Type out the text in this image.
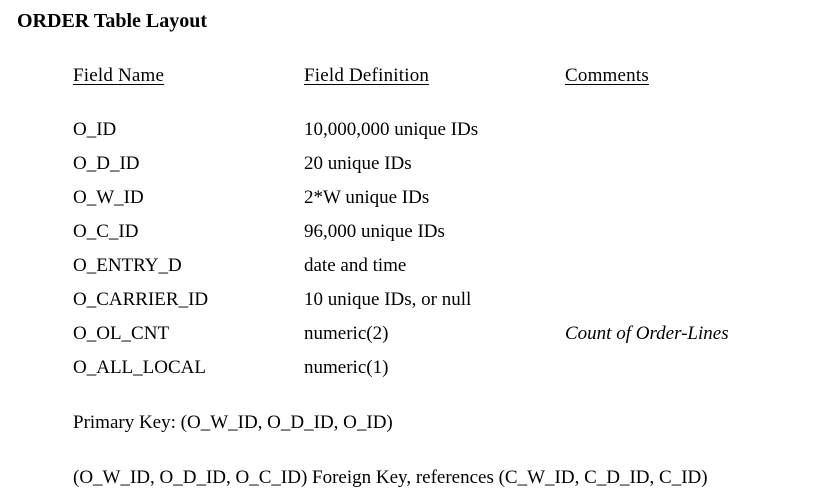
ORDER Table Layout
Field Name	Field Definition	Comments
O_ID	10,000,000 unique IDs
O_D_ID	20 unique IDs
O_W_ID	2*W unique IDs
O_C_ID	96,000 unique IDs
O_ENTRY_D	date and time
O_CARRIER_ID	10 unique IDs, or null
O_OL_CNT	numeric(2)	Count of Order-Lines
O_ALL_LOCAL	numeric(1)
Primary Key: (O_W_ID, O_D_ID, O_ID)
(O_W_ID, O_D_ID, O_C_ID) Foreign Key, references (C_W_ID, C_D_ID, C_ID)
